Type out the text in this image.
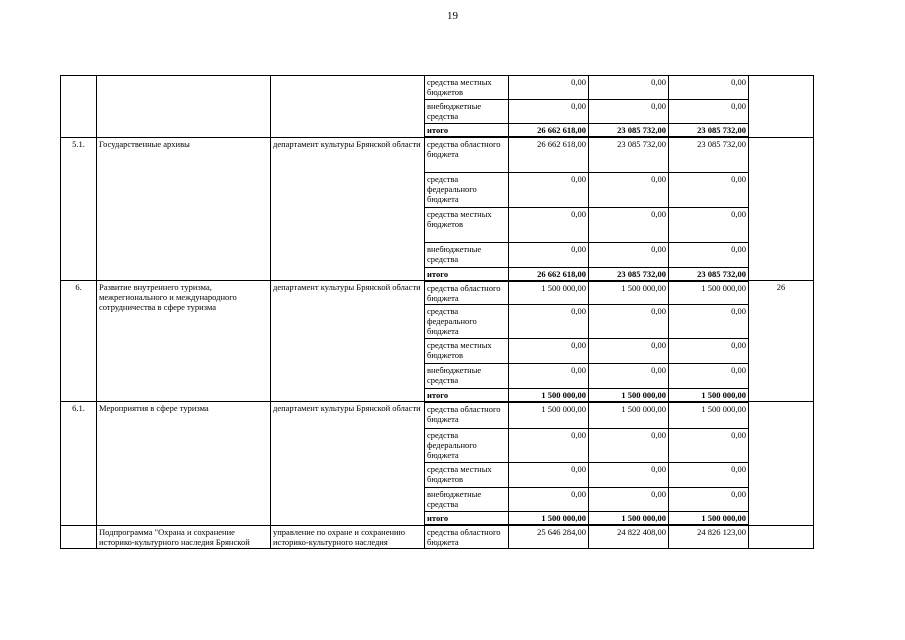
19
			средства местных бюджетов	0,00	0,00	0,00	
			внебюджетные средства	0,00	0,00	0,00	
			итого	26 662 618,00	23 085 732,00	23 085 732,00	
5.1.	Государственные архивы	департамент культуры Брянской области	средства областного бюджета	26 662 618,00	23 085 732,00	23 085 732,00	
			средства федерального бюджета	0,00	0,00	0,00	
			средства местных бюджетов	0,00	0,00	0,00	
			внебюджетные средства	0,00	0,00	0,00	
			итого	26 662 618,00	23 085 732,00	23 085 732,00	
6.	Развитие внутреннего туризма, межрегионального и международного сотрудничества в сфере туризма	департамент культуры Брянской области	средства областного бюджета	1 500 000,00	1 500 000,00	1 500 000,00	26
			средства федерального бюджета	0,00	0,00	0,00	
			средства местных бюджетов	0,00	0,00	0,00	
			внебюджетные средства	0,00	0,00	0,00	
			итого	1 500 000,00	1 500 000,00	1 500 000,00	
6.1.	Мероприятия в сфере туризма	департамент культуры Брянской области	средства областного бюджета	1 500 000,00	1 500 000,00	1 500 000,00	
			средства федерального бюджета	0,00	0,00	0,00	
			средства местных бюджетов	0,00	0,00	0,00	
			внебюджетные средства	0,00	0,00	0,00	
			итого	1 500 000,00	1 500 000,00	1 500 000,00	
	Подпрограмма "Охрана и сохранение историко-культурного наследия Брянской	управление по охране и сохранению историко-культурного наследия	средства областного бюджета	25 646 284,00	24 822 408,00	24 826 123,00	
